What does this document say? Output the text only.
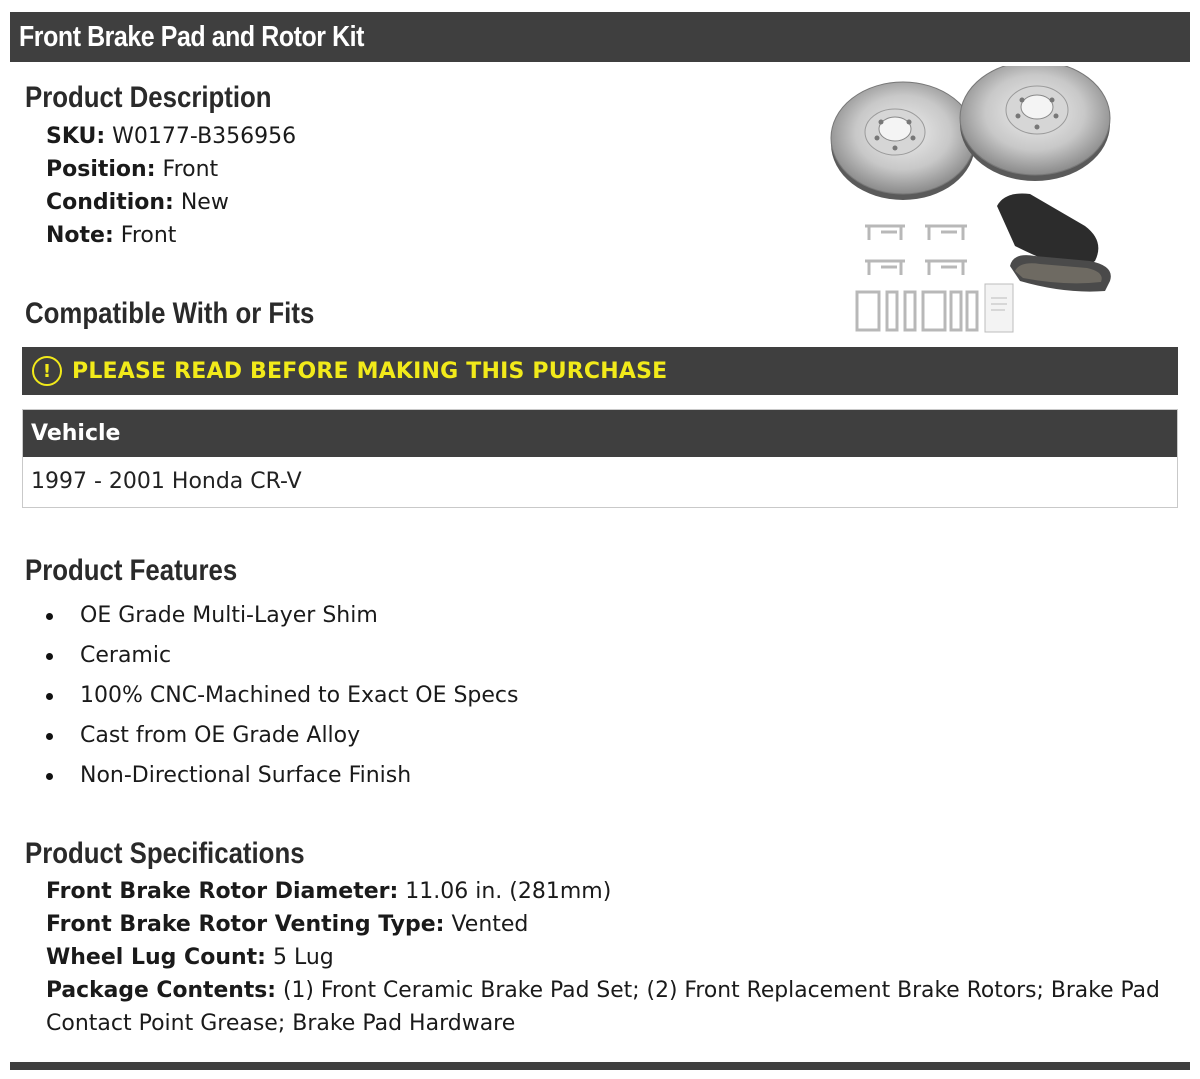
Front Brake Pad and Rotor Kit
Product Description
SKU: W0177-B356956
Position: Front
Condition: New
Note: Front
Compatible With or Fits
! PLEASE READ BEFORE MAKING THIS PURCHASE
Vehicle
1997 - 2001 Honda CR-V
Product Features
OE Grade Multi-Layer Shim
Ceramic
100% CNC-Machined to Exact OE Specs
Cast from OE Grade Alloy
Non-Directional Surface Finish
Product Specifications
Front Brake Rotor Diameter: 11.06 in. (281mm)
Front Brake Rotor Venting Type: Vented
Wheel Lug Count: 5 Lug
Package Contents: (1) Front Ceramic Brake Pad Set; (2) Front Replacement Brake Rotors; Brake Pad
Contact Point Grease; Brake Pad Hardware
